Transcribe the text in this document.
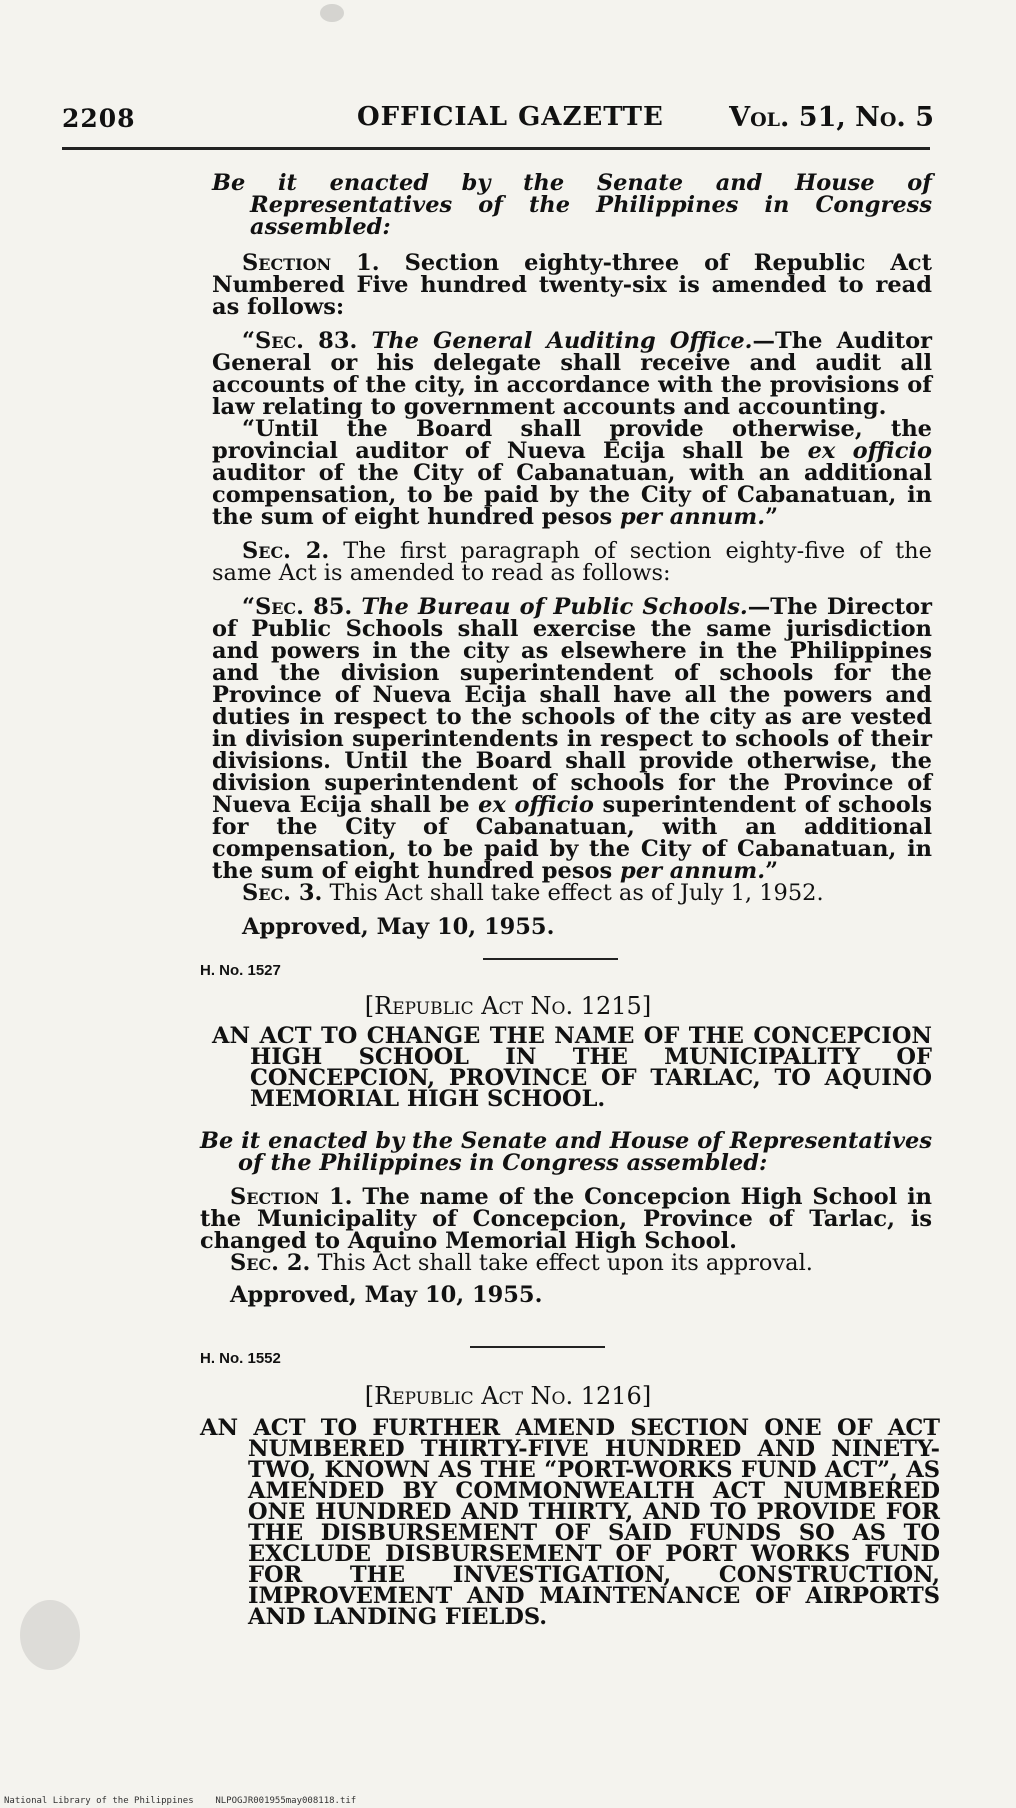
2208	OFFICIAL GAZETTE Vol. 51, No. 5

Be it enacted by the Senate and House of Representatives of the Philippines in Congress assembled:

Section 1. Section eighty-three of Republic Act Numbered Five hundred twenty-six is amended to read as follows:

“Sec. 83. The General Auditing Office.—The Auditor General or his delegate shall receive and audit all accounts of the city, in accordance with the provisions of law relating to government accounts and accounting.

“Until the Board shall provide otherwise, the provincial auditor of Nueva Ecija shall be ex officio auditor of the City of Cabanatuan, with an additional compensation, to be paid by the City of Cabanatuan, in the sum of eight hundred pesos per annum.”

Sec. 2. The first paragraph of section eighty-five of the same Act is amended to read as follows:

“Sec. 85. The Bureau of Public Schools.—The Director of Public Schools shall exercise the same jurisdiction and powers in the city as elsewhere in the Philippines and the division superintendent of schools for the Province of Nueva Ecija shall have all the powers and duties in respect to the schools of the city as are vested in division superintendents in respect to schools of their divisions. Until the Board shall provide otherwise, the division superintendent of schools for the Province of Nueva Ecija shall be ex officio superintendent of schools for the City of Cabanatuan, with an additional compensation, to be paid by the City of Cabanatuan, in the sum of eight hundred pesos per annum.”

Sec. 3. This Act shall take effect as of July 1, 1952.

Approved, May 10, 1955.

H. No. 1527
[Republic Act No. 1215]
AN ACT TO CHANGE THE NAME OF THE CONCEPCION HIGH SCHOOL IN THE MUNICIPALITY OF CONCEPCION, PROVINCE OF TARLAC, TO AQUINO MEMORIAL HIGH SCHOOL.

Be it enacted by the Senate and House of Representatives of the Philippines in Congress assembled:

Section 1. The name of the Concepcion High School in the Municipality of Concepcion, Province of Tarlac, is changed to Aquino Memorial High School.

Sec. 2. This Act shall take effect upon its approval.

Approved, May 10, 1955.

H. No. 1552
[Republic Act No. 1216]
AN ACT TO FURTHER AMEND SECTION ONE OF ACT NUMBERED THIRTY-FIVE HUNDRED AND NINETY-TWO, KNOWN AS THE “PORT-WORKS FUND ACT”, AS AMENDED BY COMMONWEALTH ACT NUMBERED ONE HUNDRED AND THIRTY, AND TO PROVIDE FOR THE DISBURSEMENT OF SAID FUNDS SO AS TO EXCLUDE DISBURSEMENT OF PORT WORKS FUND FOR THE INVESTIGATION, CONSTRUCTION, IMPROVEMENT AND MAINTENANCE OF AIRPORTS AND LANDING FIELDS.
National Library of the Philippines    NLPOGJR001955may008118.tif
